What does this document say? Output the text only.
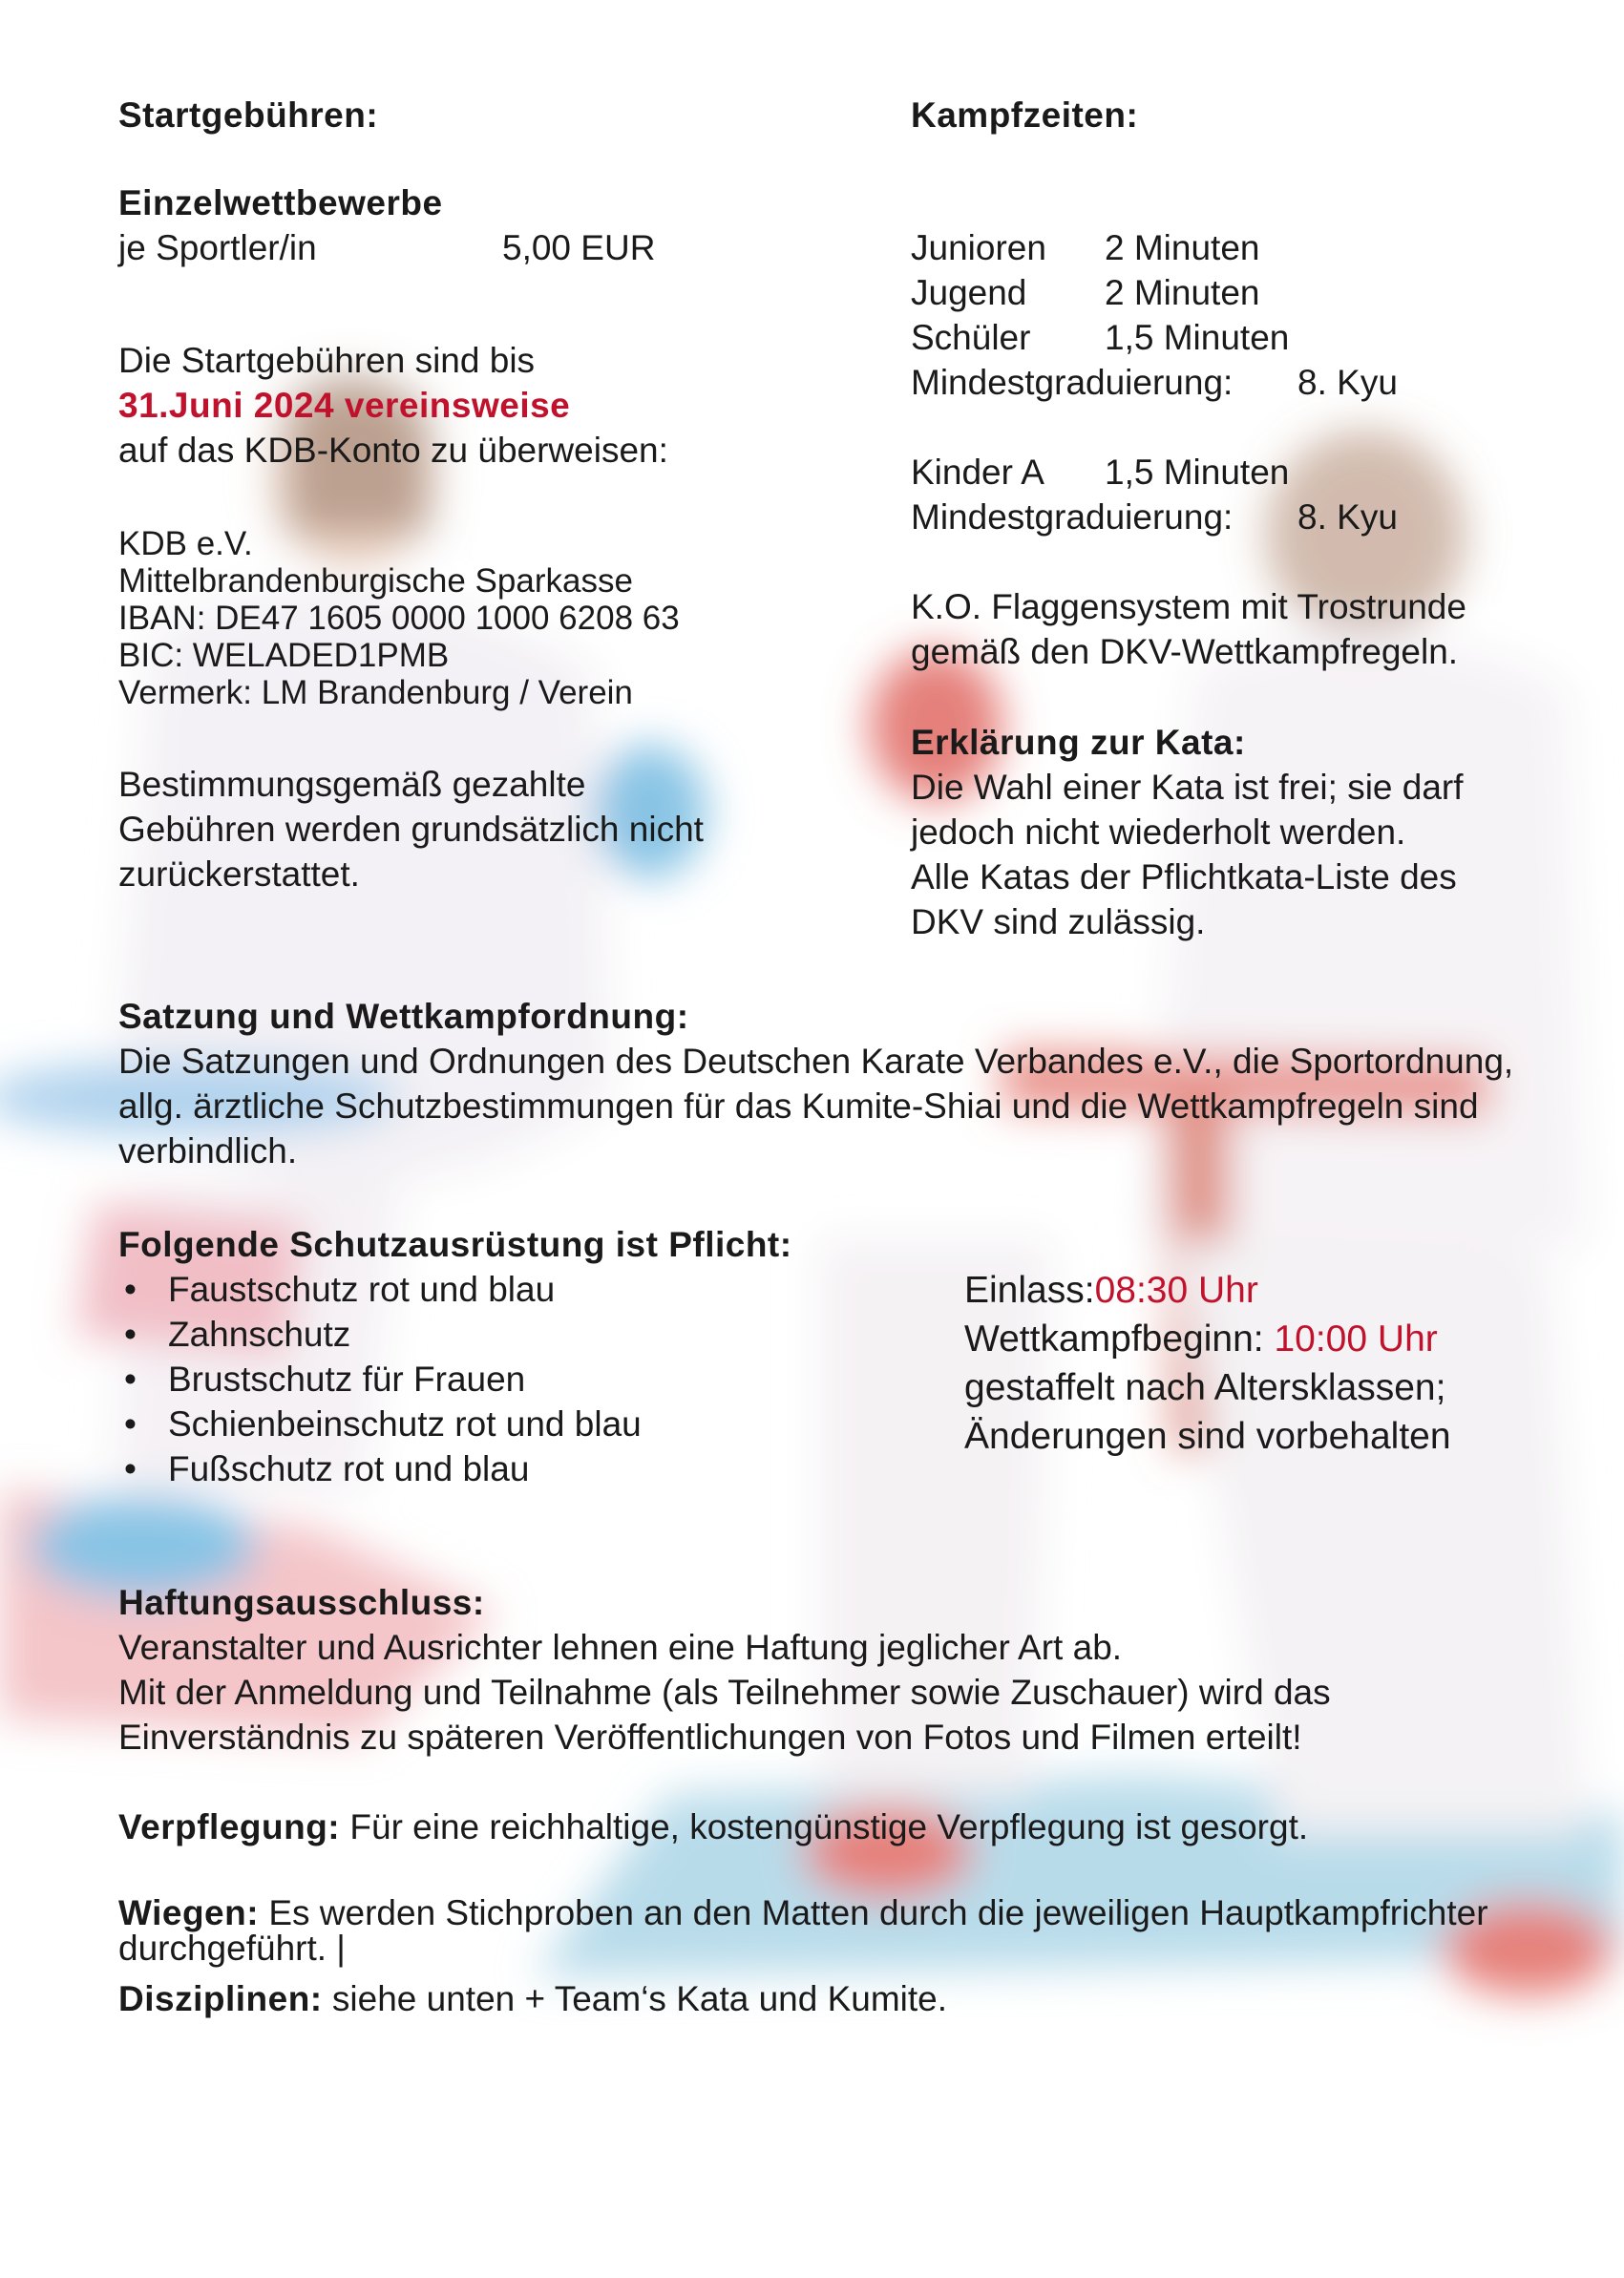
Startgebühren:
Einzelwettbewerbe
je Sportler/in	5,00 EUR
Die Startgebühren sind bis
31.Juni 2024 vereinsweise
auf das KDB-Konto zu überweisen:
KDB e.V.
Mittelbrandenburgische Sparkasse
IBAN: DE47 1605 0000 1000 6208 63
BIC: WELADED1PMB
Vermerk: LM Brandenburg / Verein
Bestimmungsgemäß gezahlte
Gebühren werden grundsätzlich nicht
zurückerstattet.
Kampfzeiten:
Junioren 2 Minuten
Jugend 2 Minuten
Schüler 1,5 Minuten
Mindestgraduierung: 8. Kyu
Kinder A 1,5 Minuten
Mindestgraduierung: 8. Kyu
K.O. Flaggensystem mit Trostrunde
gemäß den DKV-Wettkampfregeln.
Erklärung zur Kata:
Die Wahl einer Kata ist frei; sie darf
jedoch nicht wiederholt werden.
Alle Katas der Pflichtkata-Liste des
DKV sind zulässig.
Satzung und Wettkampfordnung:
Die Satzungen und Ordnungen des Deutschen Karate Verbandes e.V., die Sportordnung,
allg. ärztliche Schutzbestimmungen für das Kumite-Shiai und die Wettkampfregeln sind
verbindlich.
Folgende Schutzausrüstung ist Pflicht:
• Faustschutz rot und blau
• Zahnschutz
• Brustschutz für Frauen
• Schienbeinschutz rot und blau
• Fußschutz rot und blau
Einlass:08:30 Uhr
Wettkampfbeginn: 10:00 Uhr
gestaffelt nach Altersklassen;
Änderungen sind vorbehalten
Haftungsausschluss:
Veranstalter und Ausrichter lehnen eine Haftung jeglicher Art ab.
Mit der Anmeldung und Teilnahme (als Teilnehmer sowie Zuschauer) wird das
Einverständnis zu späteren Veröffentlichungen von Fotos und Filmen erteilt!
Verpflegung: Für eine reichhaltige, kostengünstige Verpflegung ist gesorgt.
Wiegen: Es werden Stichproben an den Matten durch die jeweiligen Hauptkampfrichter
durchgeführt. |
Disziplinen: siehe unten + Team‘s Kata und Kumite.
